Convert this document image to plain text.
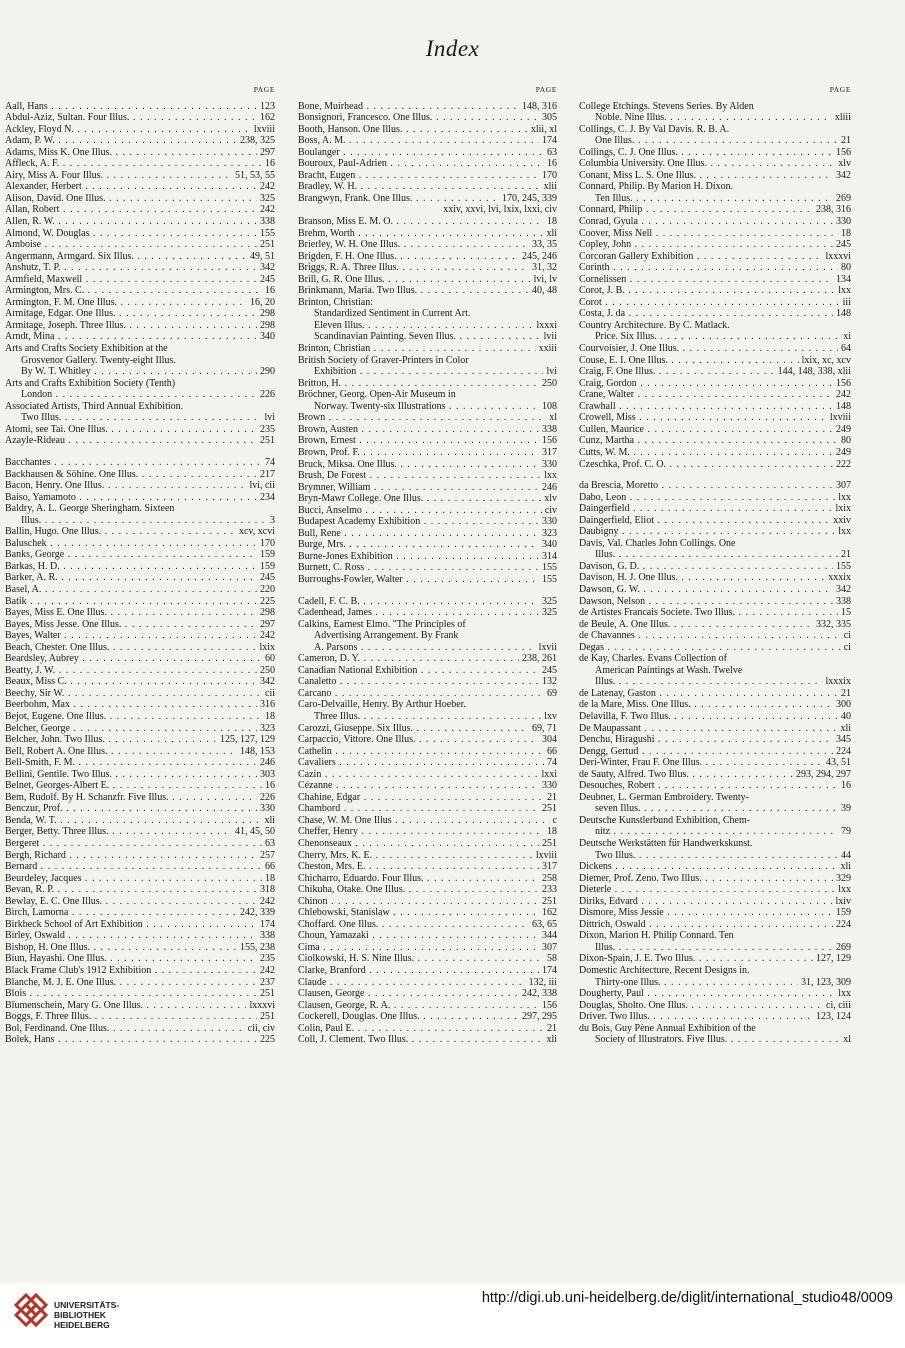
Index
PAGE
Aall, Hans . . .	123
Abdul-Aziz, Sultan. Four Illus. . . .	162
Ackley, Floyd N. . . .	lxviii
Adam, P. W. . . .	238, 325
Adams, Miss K. One Illus. . . .	297
Affleck, A. F. . . .	16
Airy, Miss A. Four Illus. . . .	51, 53, 55
Alexander, Herbert . . .	242
Alison, David. One Illus. . . .	325
Allan, Robert . . .	242
Allen, R. W. . . .	338
Almond, W. Douglas . . .	155
Amboise . . .	251
Angermann, Armgard. Six Illus. . . .	49, 51
Anshutz, T. P. . . .	342
Armfield, Maxwell . . .	245
Armington, Mrs. C. . . .	16
Armington, F. M. One Illus. . . .	16, 20
Armitage, Edgar. One Illus. . . .	298
Armitage, Joseph. Three Illus. . . .	298
Arndt, Mina . . .	340
Arts and Crafts Society Exhibition at the
Grosvenor Gallery. Twenty-eight Illus.
By W. T. Whitley . . .	290
Arts and Crafts Exhibition Society (Tenth)
London . . .	226
Associated Artists, Third Annual Exhibition.
Two Illus. . . .	lvi
Atomi, see Tai. One Illus. . . .	235
Azayle-Rideau . . .	251
Bacchantes . . .	74
Backhausen & Söhine. One Illus. . . .	217
Bacon, Henry. One Illus. . . .	lvi, cii
Baiso, Yamamoto . . .	234
Baldry, A. L. George Sheringham. Sixteen
Illus. . . .	3
Ballin, Hugo. One Illus. . . .	xcv, xcvi
Baluschek . . .	170
Banks, George . . .	159
Barkas, H. D. . . .	159
Barker, A. R. . . .	245
Basel, A. . . .	220
Batik . . .	225
Bayes, Miss E. One Illus. . . .	298
Bayes, Miss Jesse. One Illus. . . .	297
Bayes, Walter . . .	242
Beach, Chester. One Illus. . . .	lxix
Beardsley, Aubrey . . .	60
Beatty, J. W. . . .	250
Beaux, Miss C. . . .	342
Beechy, Sir W. . . .	cii
Beerbohm, Max . . .	316
Bejot, Eugene. One Illus. . . .	18
Belcher, George . . .	323
Belcher, John. Two Illus. . . .	125, 127, 129
Bell, Robert A. One Illus. . . .	148, 153
Bell-Smith, F. M. . . .	246
Bellini, Gentile. Two Illus. . . .	303
Belnet, Georges-Albert E. . . .	16
Bem, Rudolf. By H. Schanzfr. Five Illus. . . .	226
Benczur, Prof. . . .	330
Benda, W. T. . . .	xli
Berger, Betty. Three Illus. . . .	41, 45, 50
Bergeret . . .	63
Bergh, Richard . . .	257
Bernard . . .	66
Beurdeley, Jacques . . .	18
Bevan, R. P. . . .	318
Bewlay, E. C. One Illus. . . .	242
Birch, Lamorna . . .	242, 339
Birkbeck School of Art Exhibition . . .	174
Birley, Oswald . . .	338
Bishop, H. One Illus. . . .	155, 238
Biun, Hayashi. One Illus. . . .	235
Black Frame Club's 1912 Exhibition . . .	242
Blanche, M. J. E. One Illus. . . .	237
Blois . . .	251
Blumenschein, Mary G. One Illus. . . .	lxxxvi
Boggs, F. Three Illus. . . .	251
Bol, Ferdinand. One Illus. . . .	cii, civ
Bolek, Hans . . .	225
PAGE
Bone, Muirhead . . .	148, 316
Bonsignori, Francesco. One Illus. . . .	305
Booth, Hanson. One Illus. . . .	xlii, xl
Boss, A. M. . . .	174
Boulanger . . .	63
Bouroux, Paul-Adrien . . .	16
Bracht, Eugen . . .	170
Bradley, W. H. . . .	xlii
Brangwyn, Frank. One Illus. . . .	170, 245, 339
xxiv, xxvi, lvi, lxix, lxxi, civ
Branson, Miss E. M. O. . . .	18
Brehm, Worth . . .	xli
Brierley, W. H. One Illus. . . .	33, 35
Brigden, F. H. One Illus. . . .	245, 246
Briggs, R. A. Three Illus. . . .	31, 32
Brill, G. R. One Illus. . . .	lvi, lv
Brinkmann, Maria. Two Illus. . . .	40, 48
Brinton, Christian:
Standardized Sentiment in Current Art.
Eleven Illus. . . .	lxxxi
Scandinavian Painting. Seven Illus. . . .	lvii
Brinton, Christian . . .	xxiii
British Society of Graver-Printers in Color
Exhibition . . .	lvi
Britton, H. . . .	250
Bröchner, Georg. Open-Air Museum in
Norway. Twenty-six Illustrations . . .	108
Brown . . .	xl
Brown, Austen . . .	338
Brown, Ernest . . .	156
Brown, Prof. F. . . .	317
Bruck, Miksa. One Illus. . . .	330
Brush, De Forest . . .	lxx
Brymner, William . . .	246
Bryn-Mawr College. One Illus. . . .	xlv
Bucci, Anselmo . . .	civ
Budapest Academy Exhibition . . .	330
Bull, Rene . . .	323
Burge, Mrs. . . .	340
Burne-Jones Exhibition . . .	314
Burnett, C. Ross . . .	155
Burroughs-Fowler, Walter . . .	155
Cadell, F. C. B. . . .	325
Cadenhead, James . . .	325
Calkins, Earnest Elmo. "The Principles of
Advertising Arrangement. By Frank
A. Parsons . . .	lxvii
Cameron, D. Y. . . .	238, 261
Canadian National Exhibition . . .	245
Canaletto . . .	132
Carcano . . .	69
Caro-Delvaille, Henry. By Arthur Hoeber.
Three Illus. . . .	lxv
Carozzi, Giuseppe. Six Illus. . . .	69, 71
Carpaccio, Vittore. One Illus. . . .	304
Cathelin . . .	66
Cavaliers . . .	74
Cazin . . .	lxxi
Cézanne . . .	330
Chahine, Edgar . . .	21
Chambord . . .	251
Chase, W. M. One Illus . . .	c
Cheffer, Henry . . .	18
Chenonseaux . . .	251
Cherry, Mrs. K. E. . . .	lxviii
Cheston, Mrs. E. . . .	317
Chicharro, Eduardo. Four Illus. . . .	258
Chikuha, Otake. One Illus. . . .	233
Chinon . . .	251
Chlebowski, Stanislaw . . .	162
Choffard. One Illus. . . .	63, 65
Choun, Yamazaki . . .	344
Cima . . .	307
Ciolkowski, H. S. Nine Illus. . . .	58
Clarke, Branford . . .	174
Claude . . .	132, iii
Clausen, George . . .	242, 338
Clausen, George, R. A. . . .	156
Cockerell, Douglas. One Illus. . . .	297, 295
Colin, Paul E. . . .	21
Coll, J. Clement. Two Illus. . . .	xli
PAGE
College Etchings. Stevens Series. By Alden
Noble. Nine Illus. . . .	xliii
Collings, C. J. By Val Davis. R. B. A.
One Illus. . . .	21
Collings, C. J. One Illus. . . .	156
Columbia University. One Illus. . . .	xlv
Conant, Miss L. S. One Illus. . . .	342
Connard, Philip. By Marion H. Dixon.
Ten Illus. . . .	269
Connard, Philip . . .	238, 316
Conrad, Gyula . . .	330
Coover, Miss Nell . . .	18
Copley, John . . .	245
Corcoran Gallery Exhibition . . .	lxxxvi
Corinth . . .	80
Cornelissen . . .	134
Corot, J. B. . . .	lxx
Corot . . .	iii
Costa, J. da . . .	148
Country Architecture. By C. Matlack.
Price. Six Illus. . . .	xi
Courvoisier, J. One Illus. . . .	64
Couse, E. I. One Illus. . . .	lxix, xc, xcv
Craig, F. One Illus. . . .	144, 148, 338, xlii
Craig, Gordon . . .	156
Crane, Walter . . .	242
Crawhall . . .	148
Crowell, Miss . . .	lxviii
Cullen, Maurice . . .	249
Cunz, Martha . . .	80
Cutts, W. M. . . .	249
Czeschka, Prof. C. O. . . .	222
da Brescia, Moretto . . .	307
Dabo, Leon . . .	lxx
Daingerfield . . .	lxix
Daingerfield, Eliot . . .	xxiv
Daubigny . . .	lxx
Davis, Val. Charles John Collings. One
Illus. . . .	21
Davison, G. D. . . .	155
Davison, H. J. One Illus. . . .	xxxix
Dawson, G. W. . . .	342
Dawson, Nelson . . .	338
de Artistes Francais Societe. Two Illus. . . .	15
de Beule, A. One Illus. . . .	332, 335
de Chavannes . . .	ci
Degas . . .	ci
de Kay, Charles. Evans Collection of
American Paintings at Wash. Twelve
Illus. . . .	lxxxix
de Latenay, Gaston . . .	21
de la Mare, Miss. One Illus. . . .	300
Delavilla, F. Two Illus. . . .	40
De Maupassant . . .	xli
Denchu, Hiragushi . . .	345
Dengg, Gertud . . .	224
Deri-Winter, Frau F. One Illus. . . .	43, 51
de Sauty, Alfred. Two Illus. . . .	293, 294, 297
Desouches, Robert . . .	16
Deubner, L. German Embroidery. Twenty-
seven Illus. . . .	39
Deutsche Kunstlerbund Exhibition, Chem-
nitz . . .	79
Deutsche Werkstätten für Handwerkskunst.
Two Illus. . . .	44
Dickens . . .	xli
Diemer, Prof. Zeno. Two Illus. . . .	329
Dieterle . . .	lxx
Diriks, Edvard . . .	lxiv
Dismore, Miss Jessie . . .	159
Dittrich, Oswald . . .	224
Dixon, Marion H. Philip Connard. Ten
Illus. . . .	269
Dixon-Spain, J. E. Two Illus. . . .	127, 129
Domestic Architecture, Recent Designs in.
Thirty-one Illus. . . .	31, 123, 309
Dougherty, Paul . . .	lxx
Douglas, Sholto. One Illus. . . .	ci, ciii
Driver. Two Illus. . . .	123, 124
du Bois, Guy Pène Annual Exhibition of the
Society of Illustrators. Five Illus. . . .	xl
UNIVERSITÄTS-
BIBLIOTHEK
HEIDELBERG
http://digi.ub.uni-heidelberg.de/diglit/international_studio48/0009
